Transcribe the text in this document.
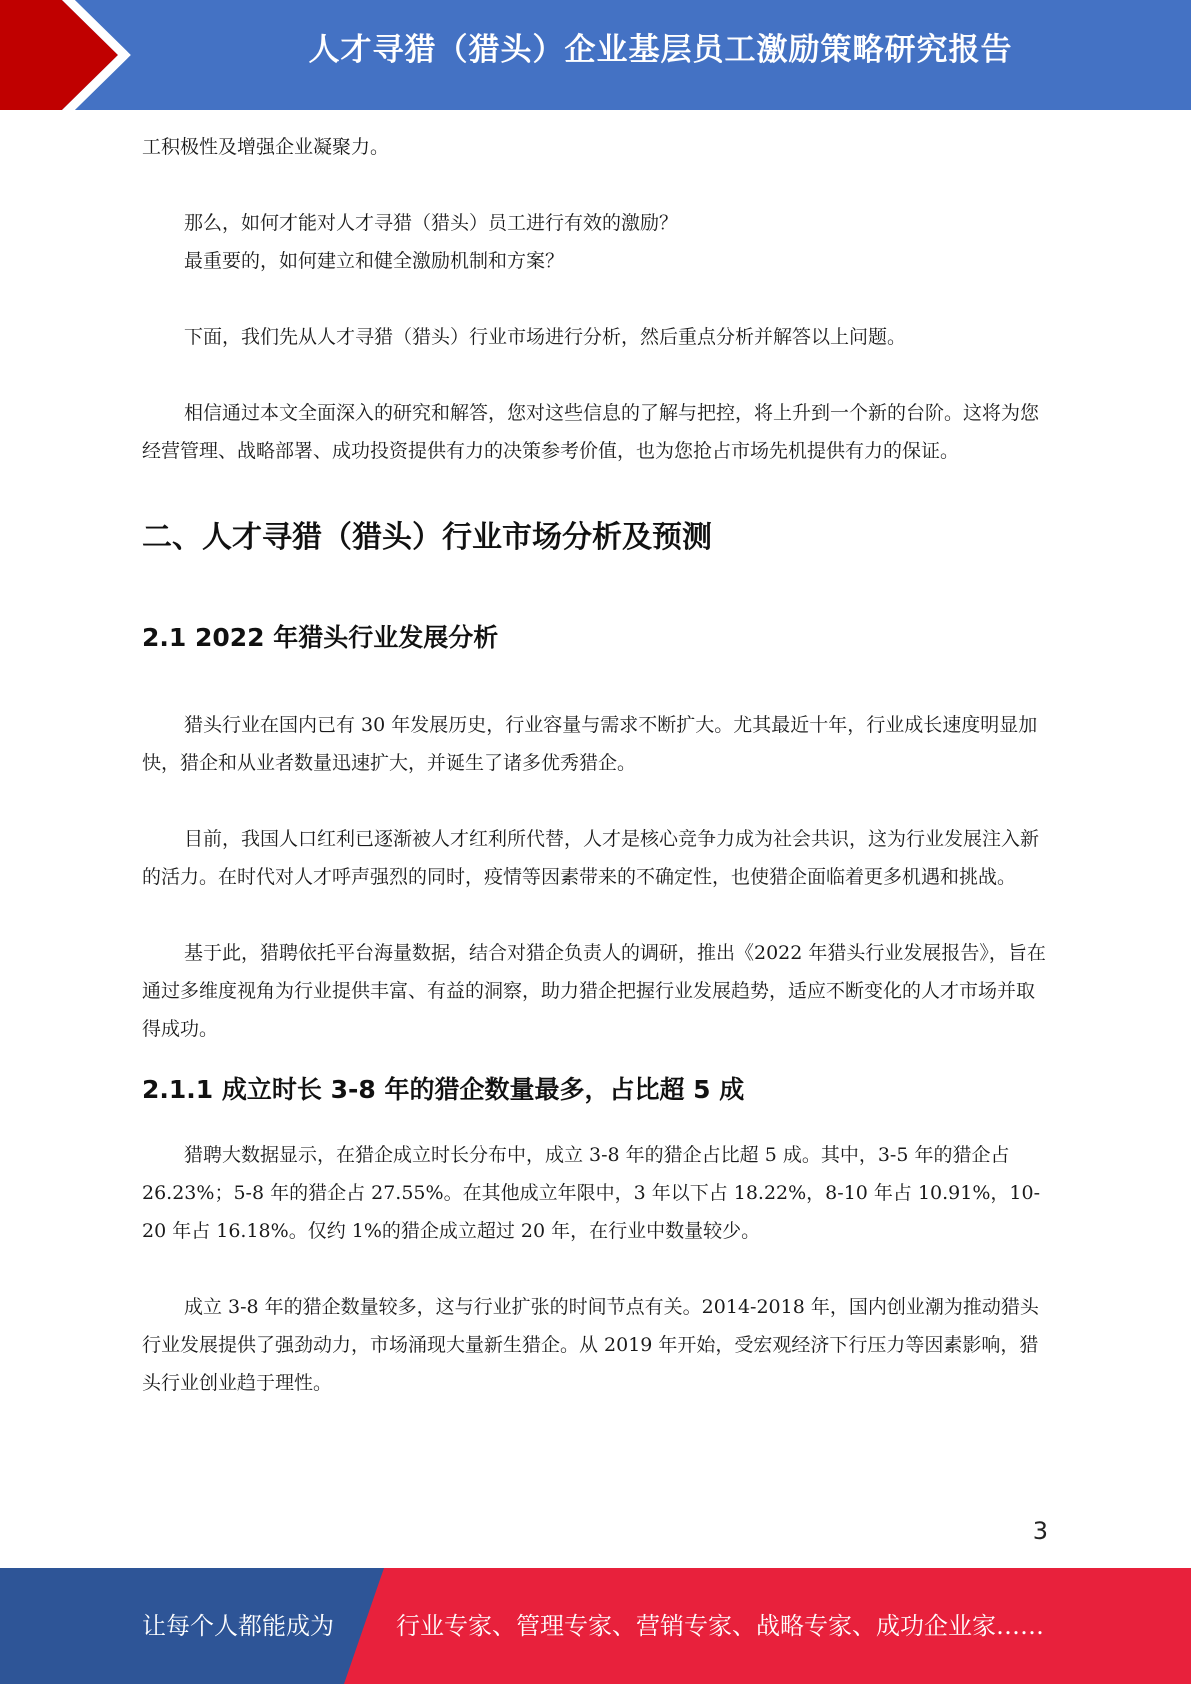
人才寻猎（猎头）企业基层员工激励策略研究报告

工积极性及增强企业凝聚力。

那么，如何才能对人才寻猎（猎头）员工进行有效的激励？

最重要的，如何建立和健全激励机制和方案？

下面，我们先从人才寻猎（猎头）行业市场进行分析，然后重点分析并解答以上问题。

相信通过本文全面深入的研究和解答，您对这些信息的了解与把控，将上升到一个新的台阶。这将为您经营管理、战略部署、成功投资提供有力的决策参考价值，也为您抢占市场先机提供有力的保证。

二、人才寻猎（猎头）行业市场分析及预测
2.1 2022 年猎头行业发展分析

猎头行业在国内已有 30 年发展历史，行业容量与需求不断扩大。尤其最近十年，行业成长速度明显加快，猎企和从业者数量迅速扩大，并诞生了诸多优秀猎企。

目前，我国人口红利已逐渐被人才红利所代替，人才是核心竞争力成为社会共识，这为行业发展注入新的活力。在时代对人才呼声强烈的同时，疫情等因素带来的不确定性，也使猎企面临着更多机遇和挑战。

基于此，猎聘依托平台海量数据，结合对猎企负责人的调研，推出《2022 年猎头行业发展报告》，旨在通过多维度视角为行业提供丰富、有益的洞察，助力猎企把握行业发展趋势，适应不断变化的人才市场并取得成功。

2.1.1 成立时长 3-8 年的猎企数量最多，占比超 5 成

猎聘大数据显示，在猎企成立时长分布中，成立 3-8 年的猎企占比超 5 成。其中，3-5 年的猎企占 26.23%；5-8 年的猎企占 27.55%。在其他成立年限中，3 年以下占 18.22%，8-10 年占 10.91%，10-20 年占 16.18%。仅约 1%的猎企成立超过 20 年，在行业中数量较少。

成立 3-8 年的猎企数量较多，这与行业扩张的时间节点有关。2014-2018 年，国内创业潮为推动猎头行业发展提供了强劲动力，市场涌现大量新生猎企。从 2019 年开始，受宏观经济下行压力等因素影响，猎头行业创业趋于理性。

3
让每个人都能成为	行业专家、管理专家、营销专家、战略专家、成功企业家……
